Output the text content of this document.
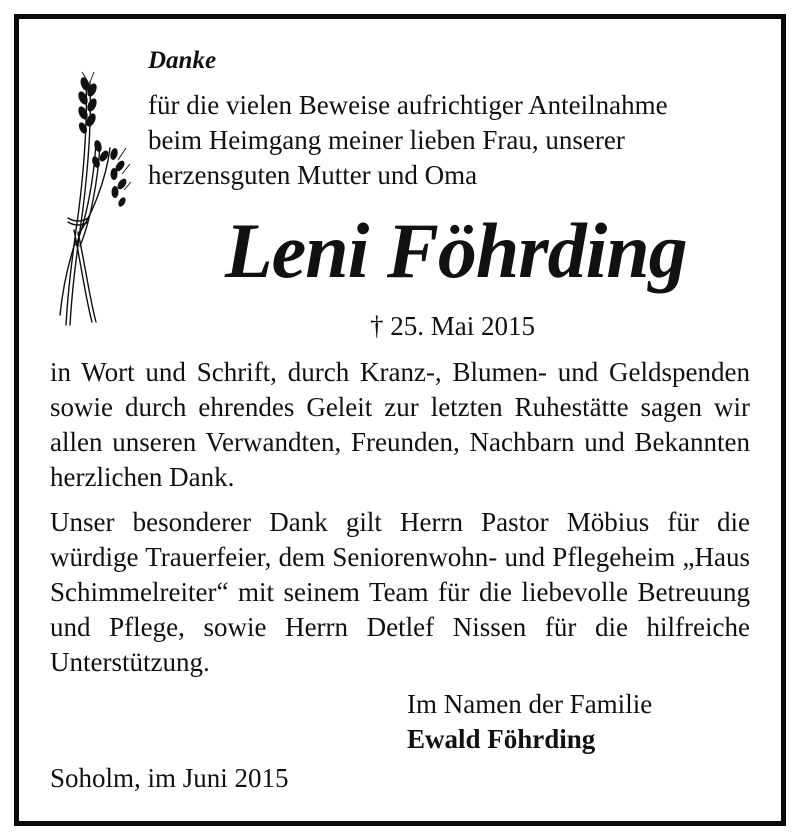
Danke

für die vielen Beweise aufrichtiger Anteilnahme
beim Heimgang meiner lieben Frau, unserer
herzensguten Mutter und Oma

Leni Föhrding
† 25. Mai 2015

in Wort und Schrift, durch Kranz-, Blumen- und Geldspenden sowie durch ehrendes Geleit zur letzten Ruhestätte sagen wir allen unseren Verwandten, Freunden, Nachbarn und Bekannten herzlichen Dank.

Unser besonderer Dank gilt Herrn Pastor Möbius für die würdige Trauerfeier, dem Seniorenwohn- und Pflegeheim „Haus Schimmelreiter“ mit seinem Team für die liebevolle Betreuung und Pflege, sowie Herrn Detlef Nissen für die hilfreiche Unterstützung.

Im Namen der Familie
Ewald Föhrding
Soholm, im Juni 2015
